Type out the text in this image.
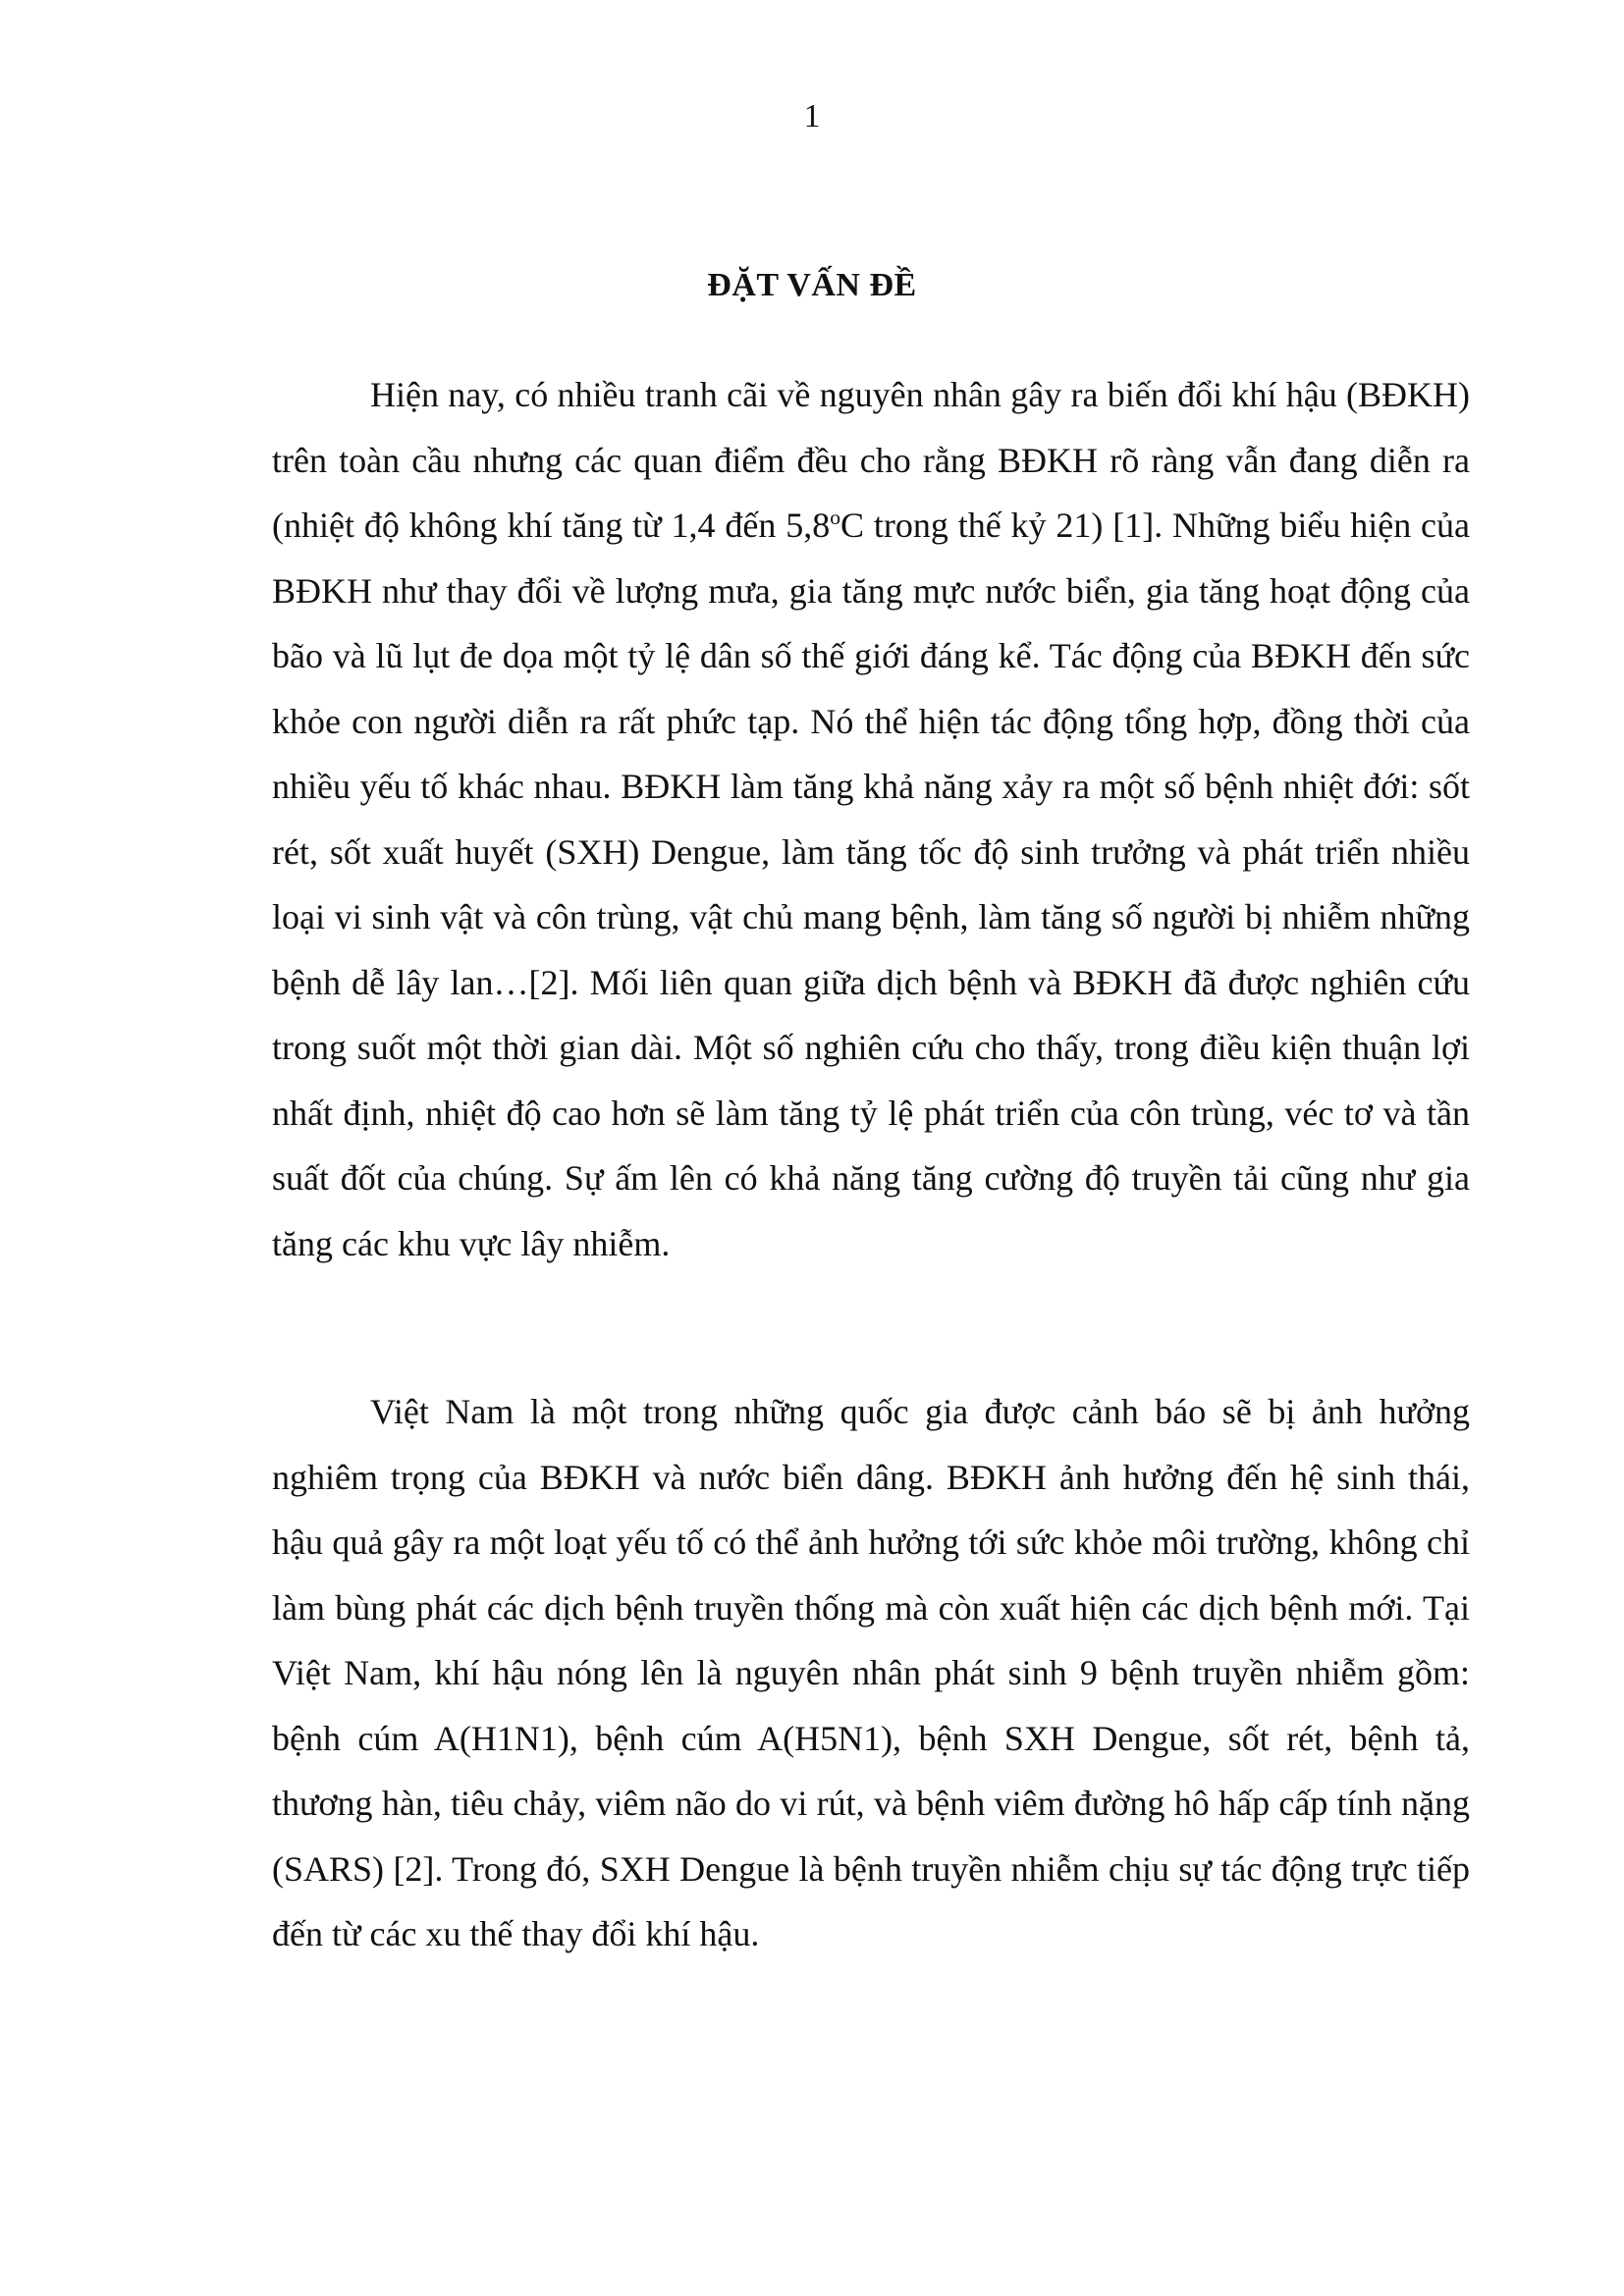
1
ĐẶT VẤN ĐỀ

Hiện nay, có nhiều tranh cãi về nguyên nhân gây ra biến đổi khí hậu (BĐKH) trên toàn cầu nhưng các quan điểm đều cho rằng BĐKH rõ ràng vẫn đang diễn ra (nhiệt độ không khí tăng từ 1,4 đến 5,8$^o$C trong thế kỷ 21) [1]. Những biểu hiện của BĐKH như thay đổi về lượng mưa, gia tăng mực nước biển, gia tăng hoạt động của bão và lũ lụt đe dọa một tỷ lệ dân số thế giới đáng kể. Tác động của BĐKH đến sức khỏe con người diễn ra rất phức tạp. Nó thể hiện tác động tổng hợp, đồng thời của nhiều yếu tố khác nhau. BĐKH làm tăng khả năng xảy ra một số bệnh nhiệt đới: sốt rét, sốt xuất huyết (SXH) Dengue, làm tăng tốc độ sinh trưởng và phát triển nhiều loại vi sinh vật và côn trùng, vật chủ mang bệnh, làm tăng số người bị nhiễm những bệnh dễ lây lan…[2]. Mối liên quan giữa dịch bệnh và BĐKH đã được nghiên cứu trong suốt một thời gian dài. Một số nghiên cứu cho thấy, trong điều kiện thuận lợi nhất định, nhiệt độ cao hơn sẽ làm tăng tỷ lệ phát triển của côn trùng, véc tơ và tần suất đốt của chúng. Sự ấm lên có khả năng tăng cường độ truyền tải cũng như gia tăng các khu vực lây nhiễm.

Việt Nam là một trong những quốc gia được cảnh báo sẽ bị ảnh hưởng nghiêm trọng của BĐKH và nước biển dâng. BĐKH ảnh hưởng đến hệ sinh thái, hậu quả gây ra một loạt yếu tố có thể ảnh hưởng tới sức khỏe môi trường, không chỉ làm bùng phát các dịch bệnh truyền thống mà còn xuất hiện các dịch bệnh mới. Tại Việt Nam, khí hậu nóng lên là nguyên nhân phát sinh 9 bệnh truyền nhiễm gồm: bệnh cúm A(H1N1), bệnh cúm A(H5N1), bệnh SXH Dengue, sốt rét, bệnh tả, thương hàn, tiêu chảy, viêm não do vi rút, và bệnh viêm đường hô hấp cấp tính nặng (SARS) [2]. Trong đó, SXH Dengue là bệnh truyền nhiễm chịu sự tác động trực tiếp đến từ các xu thế thay đổi khí hậu.
